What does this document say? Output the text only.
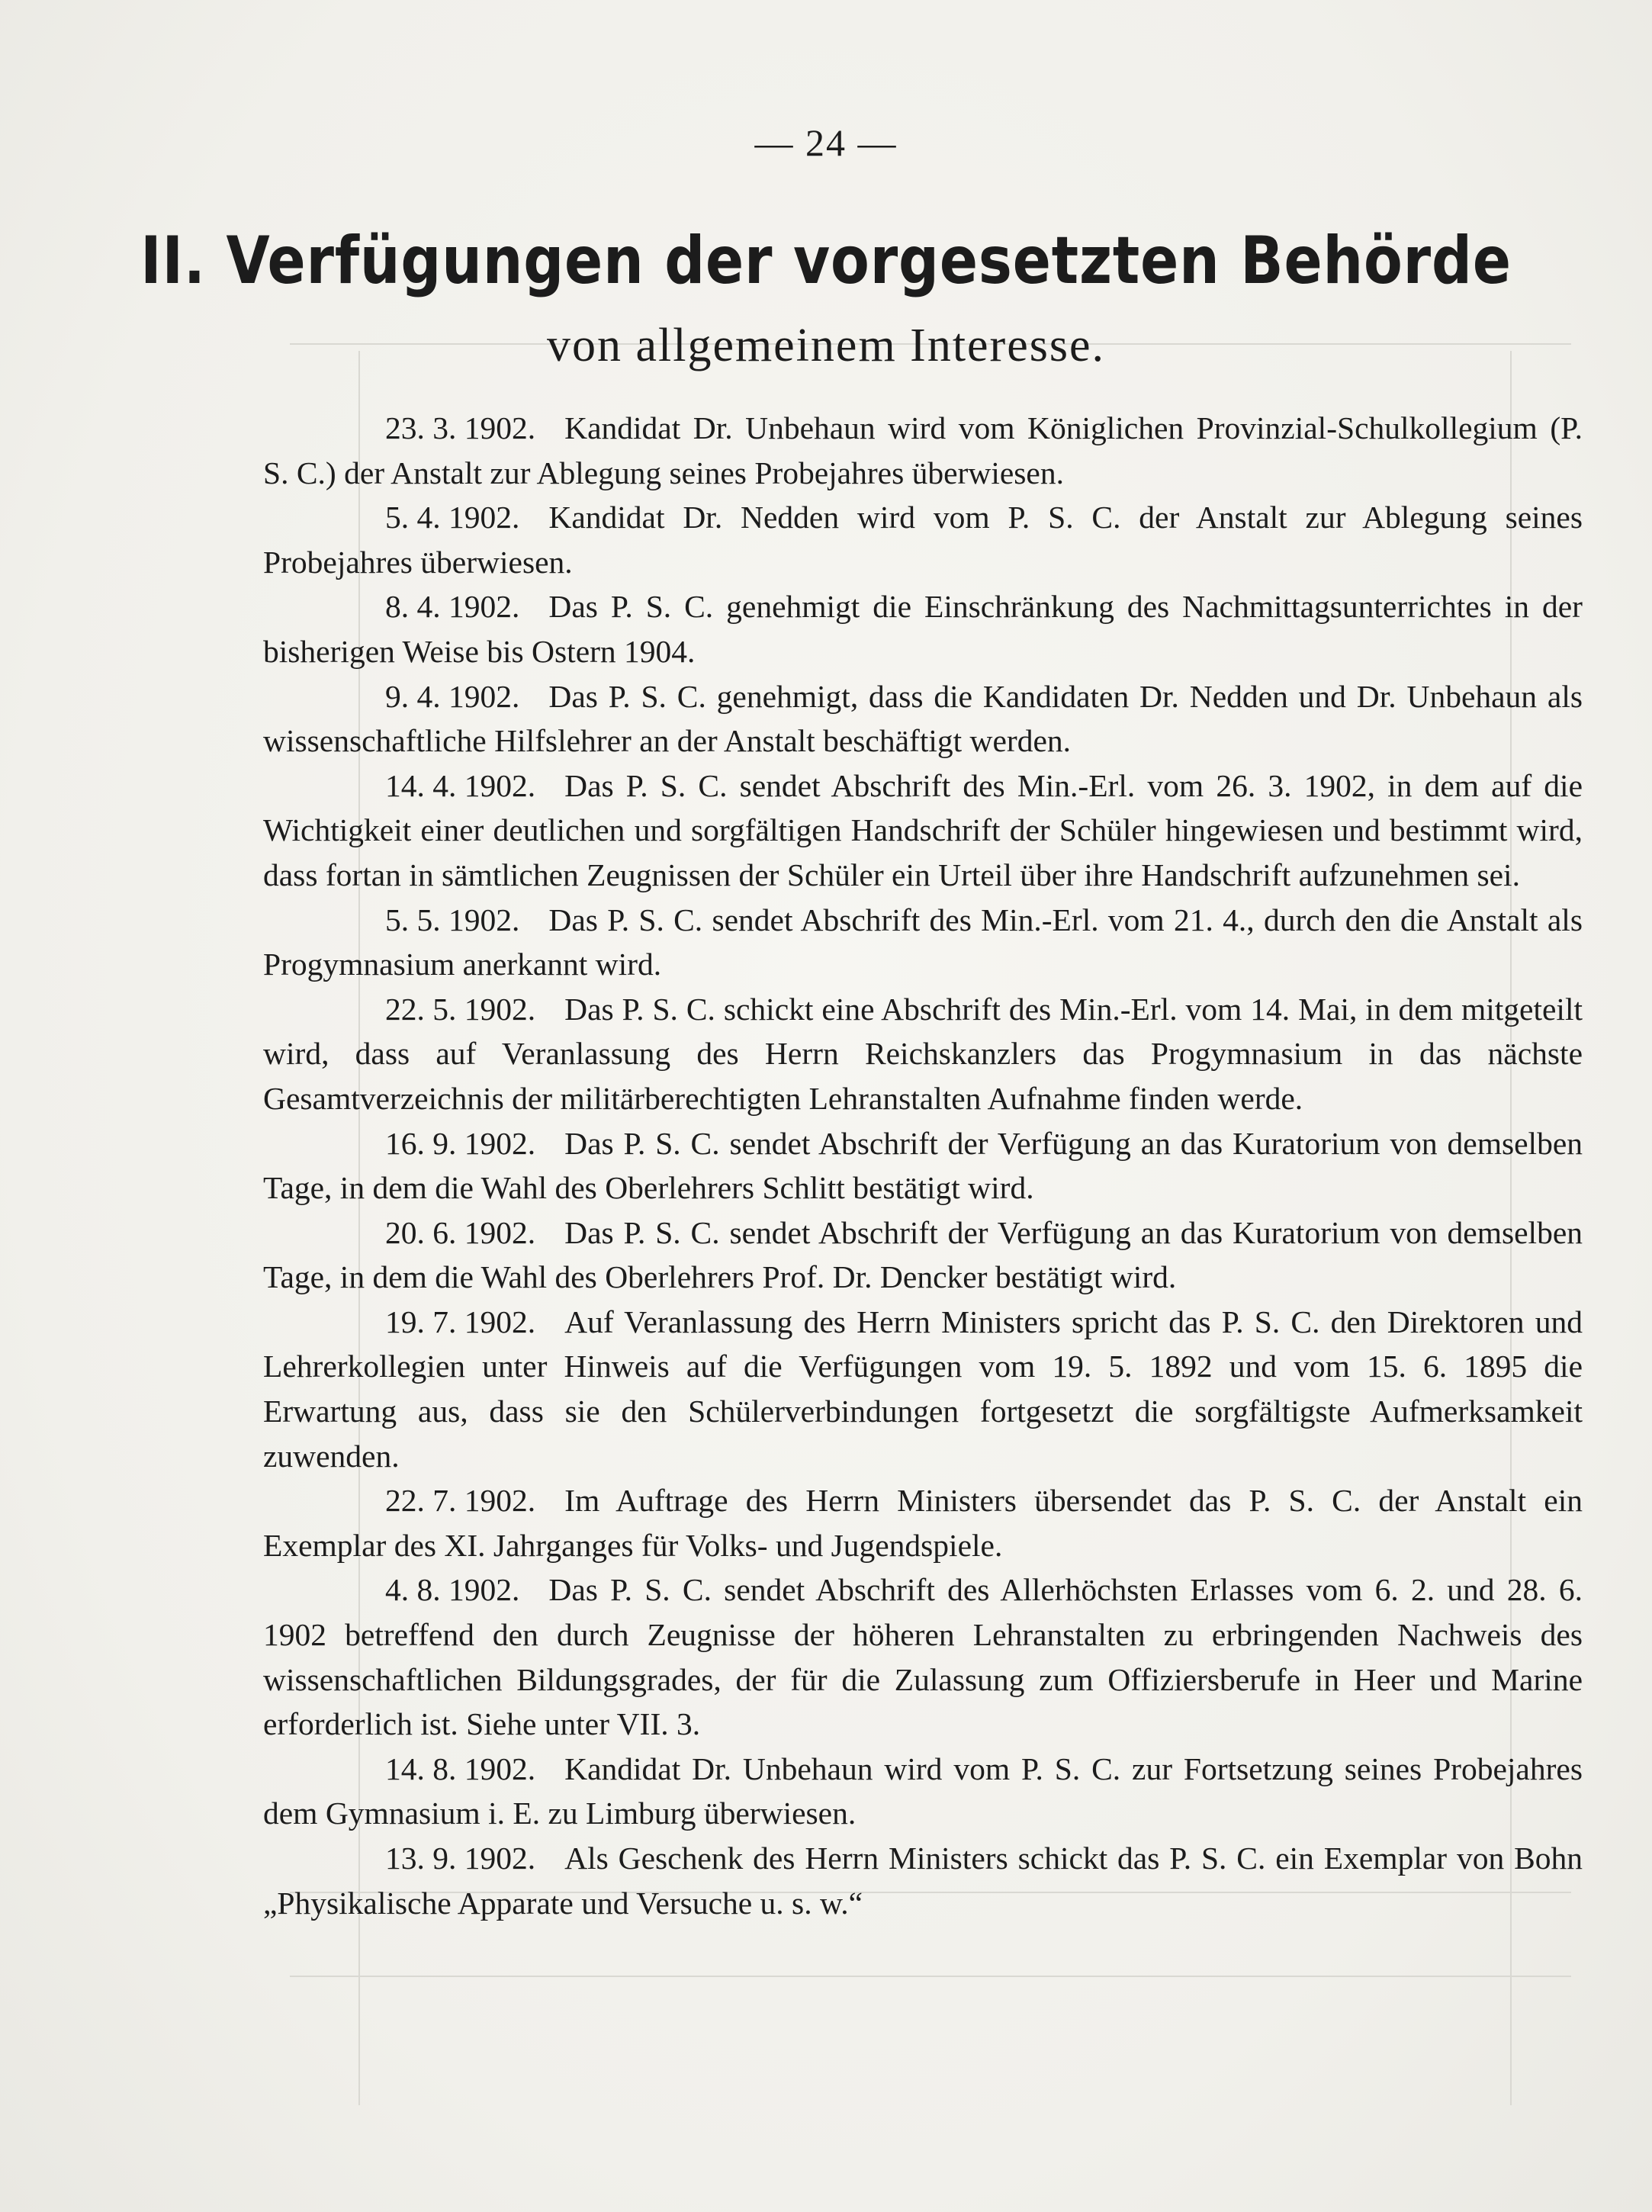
— 24 —
II. Verfügungen der vorgesetzten Behörde
von allgemeinem Interesse.

23. 3. 1902. Kandidat Dr. Unbehaun wird vom Königlichen Provinzial-Schulkollegium (P. S. C.) der Anstalt zur Ablegung seines Probejahres überwiesen.

5. 4. 1902. Kandidat Dr. Nedden wird vom P. S. C. der Anstalt zur Ablegung seines Probejahres überwiesen.

8. 4. 1902. Das P. S. C. genehmigt die Einschränkung des Nachmittagsunterrichtes in der bisherigen Weise bis Ostern 1904.

9. 4. 1902. Das P. S. C. genehmigt, dass die Kandidaten Dr. Nedden und Dr. Unbehaun als wissenschaftliche Hilfslehrer an der Anstalt beschäftigt werden.

14. 4. 1902. Das P. S. C. sendet Abschrift des Min.-Erl. vom 26. 3. 1902, in dem auf die Wichtigkeit einer deutlichen und sorgfältigen Handschrift der Schüler hingewiesen und bestimmt wird, dass fortan in sämtlichen Zeugnissen der Schüler ein Urteil über ihre Handschrift aufzunehmen sei.

5. 5. 1902. Das P. S. C. sendet Abschrift des Min.-Erl. vom 21. 4., durch den die Anstalt als Progymnasium anerkannt wird.

22. 5. 1902. Das P. S. C. schickt eine Abschrift des Min.-Erl. vom 14. Mai, in dem mitgeteilt wird, dass auf Veranlassung des Herrn Reichskanzlers das Progymnasium in das nächste Gesamtverzeichnis der militärberechtigten Lehranstalten Aufnahme finden werde.

16. 9. 1902. Das P. S. C. sendet Abschrift der Verfügung an das Kuratorium von demselben Tage, in dem die Wahl des Oberlehrers Schlitt bestätigt wird.

20. 6. 1902. Das P. S. C. sendet Abschrift der Verfügung an das Kuratorium von demselben Tage, in dem die Wahl des Oberlehrers Prof. Dr. Dencker bestätigt wird.

19. 7. 1902. Auf Veranlassung des Herrn Ministers spricht das P. S. C. den Direktoren und Lehrerkollegien unter Hinweis auf die Verfügungen vom 19. 5. 1892 und vom 15. 6. 1895 die Erwartung aus, dass sie den Schülerverbindungen fortgesetzt die sorgfältigste Aufmerksamkeit zuwenden.

22. 7. 1902. Im Auftrage des Herrn Ministers übersendet das P. S. C. der Anstalt ein Exemplar des XI. Jahrganges für Volks- und Jugendspiele.

4. 8. 1902. Das P. S. C. sendet Abschrift des Allerhöchsten Erlasses vom 6. 2. und 28. 6. 1902 betreffend den durch Zeugnisse der höheren Lehranstalten zu erbringenden Nachweis des wissenschaftlichen Bildungsgrades, der für die Zulassung zum Offiziersberufe in Heer und Marine erforderlich ist. Siehe unter VII. 3.

14. 8. 1902. Kandidat Dr. Unbehaun wird vom P. S. C. zur Fortsetzung seines Probejahres dem Gymnasium i. E. zu Limburg überwiesen.

13. 9. 1902. Als Geschenk des Herrn Ministers schickt das P. S. C. ein Exemplar von Bohn „Physikalische Apparate und Versuche u. s. w.“
